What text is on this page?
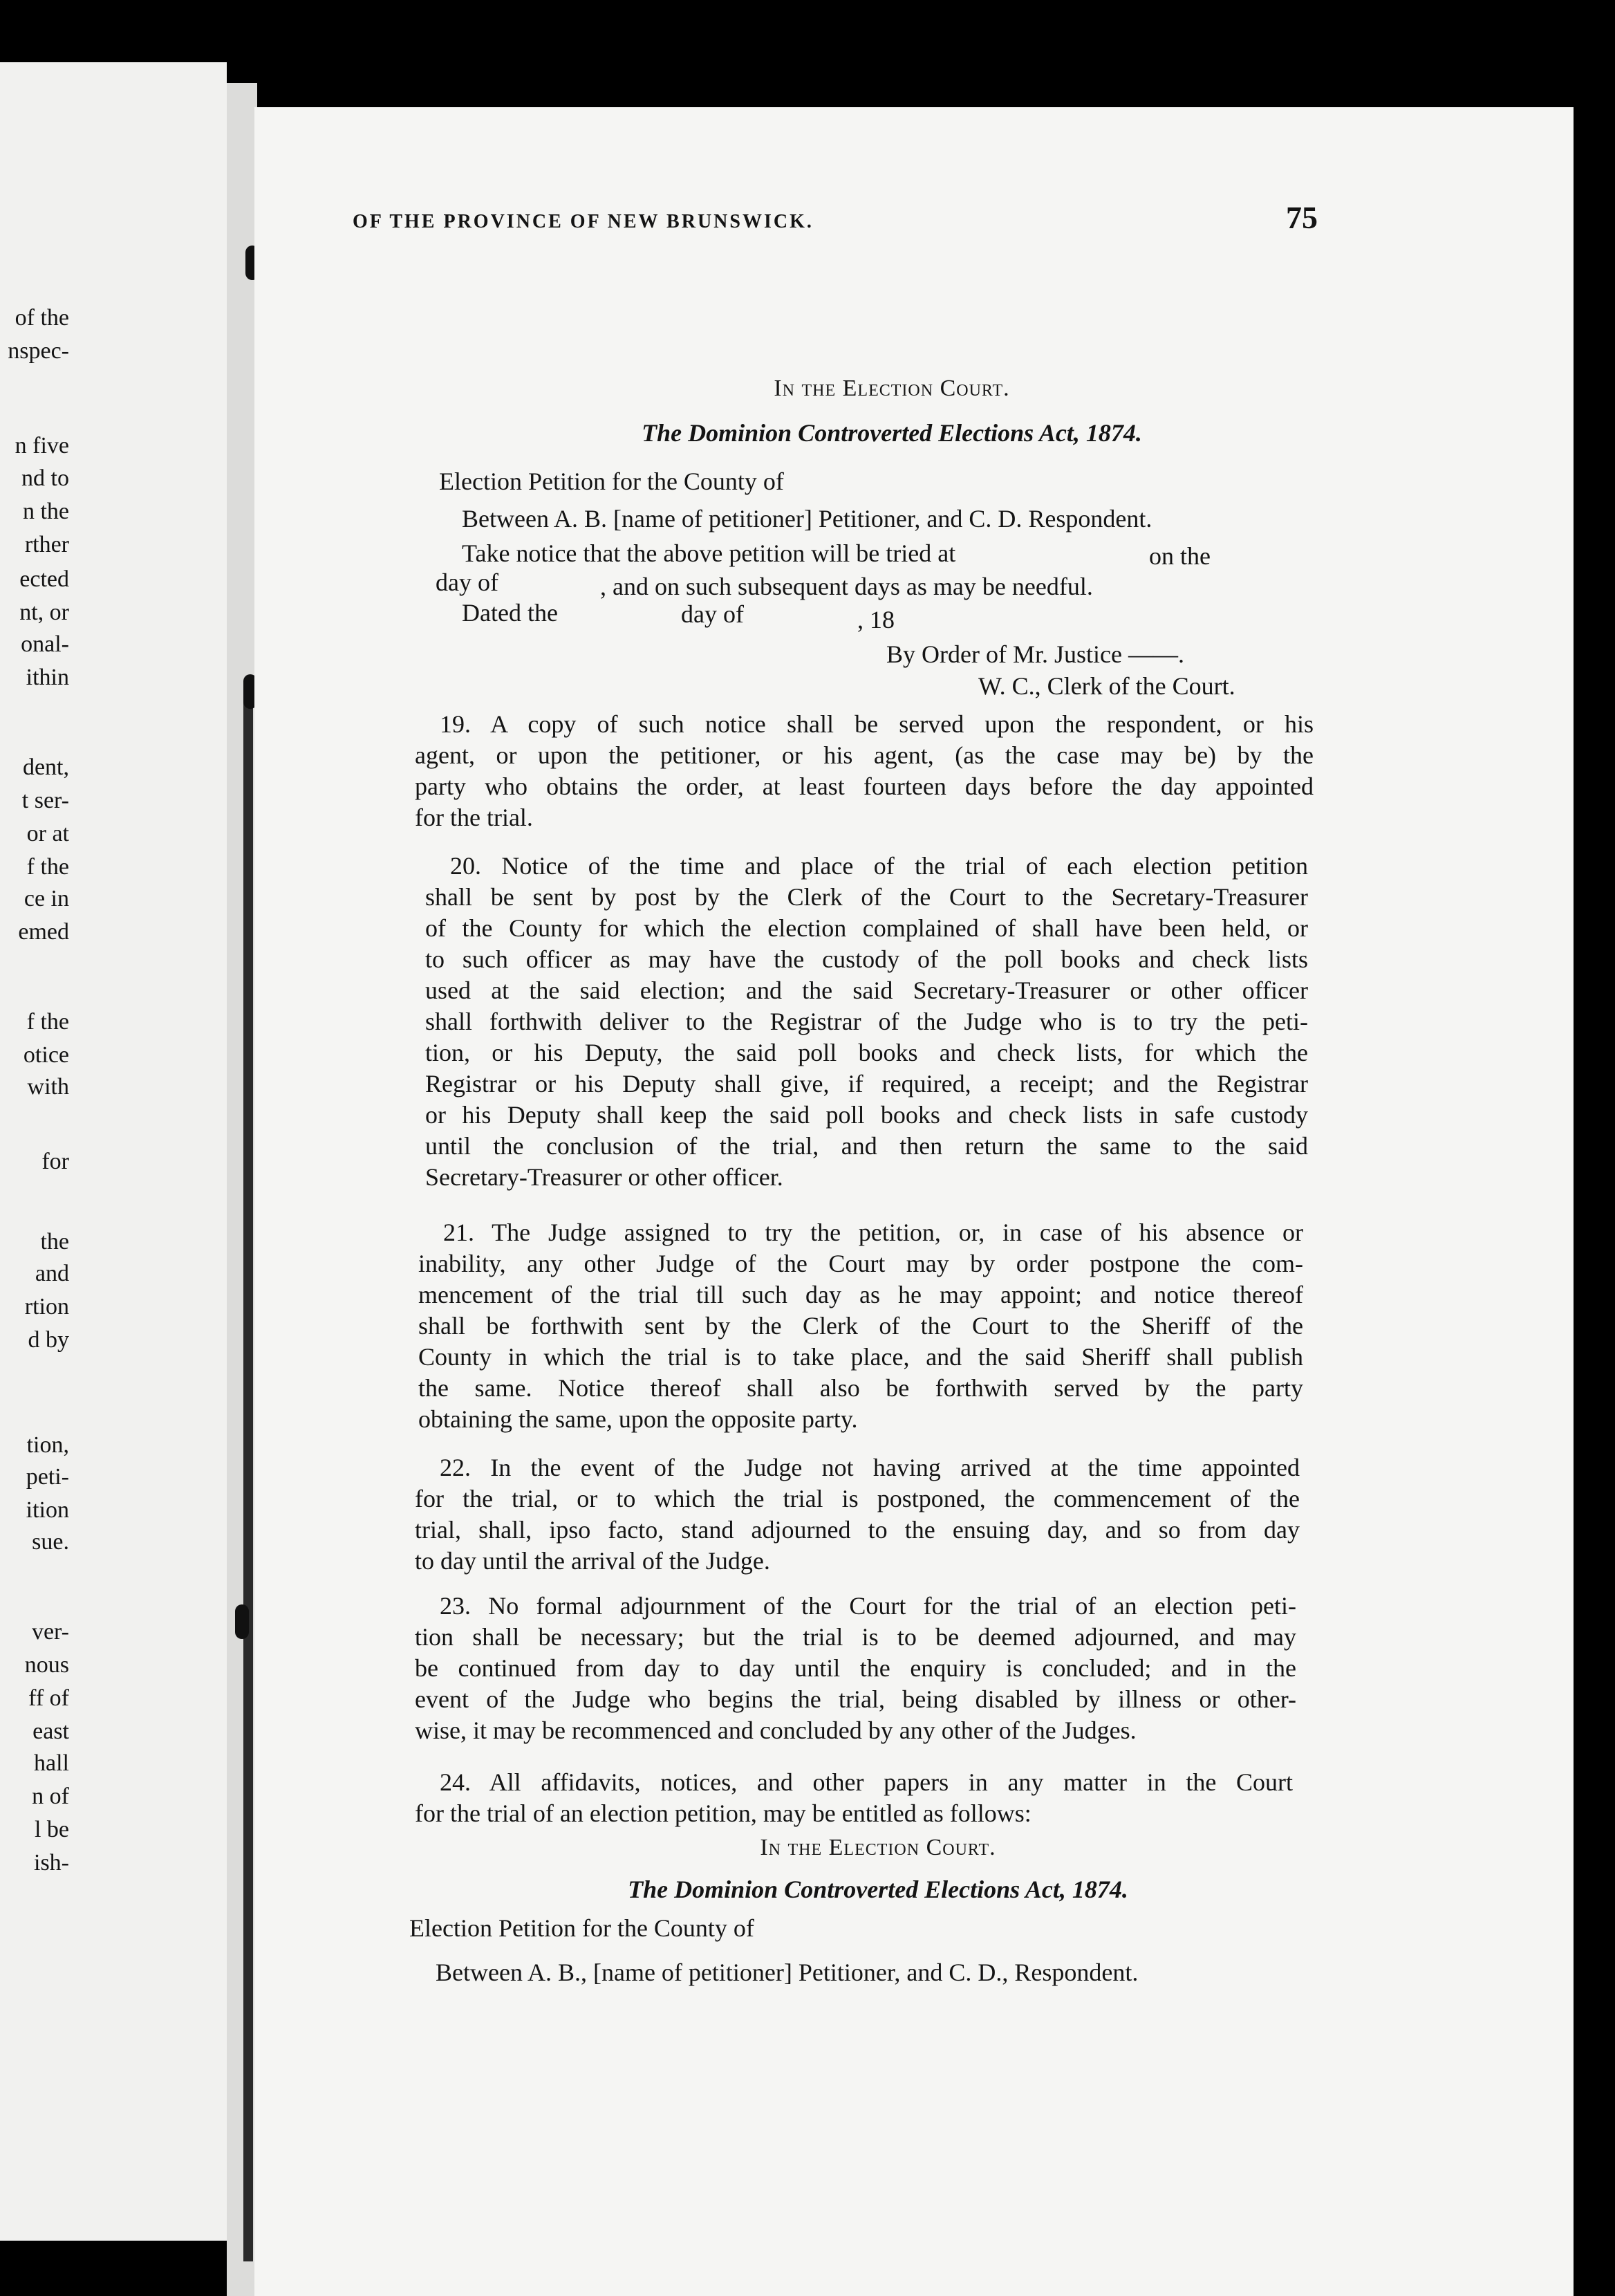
of the
nspec-
n five
nd to
n the
rther
ected
nt, or
onal-
ithin
dent,
t ser-
or at
f the
ce in
emed
f the
otice
with
for
the
and
rtion
d by
tion,
peti-
ition
sue.
ver-
nous
ff of
east
hall
n of
l be
ish-
OF THE PROVINCE OF NEW BRUNSWICK.	75
In the Election Court.
The Dominion Controverted Elections Act, 1874.
Election Petition for the County of
Between A. B. [name of petitioner] Petitioner, and C. D. Respondent.
Take notice that the above petition will be tried at	on the
day of	, and on such subsequent days as may be needful.
Dated the	day of	, 18
By Order of Mr. Justice ——.
W. C., Clerk of the Court.
19. A copy of such notice shall be served upon the respondent, or his
agent, or upon the petitioner, or his agent, (as the case may be) by the
party who obtains the order, at least fourteen days before the day appointed
for the trial.
20. Notice of the time and place of the trial of each election petition
shall be sent by post by the Clerk of the Court to the Secretary-Treasurer
of the County for which the election complained of shall have been held, or
to such officer as may have the custody of the poll books and check lists
used at the said election; and the said Secretary-Treasurer or other officer
shall forthwith deliver to the Registrar of the Judge who is to try the peti-
tion, or his Deputy, the said poll books and check lists, for which the
Registrar or his Deputy shall give, if required, a receipt; and the Registrar
or his Deputy shall keep the said poll books and check lists in safe custody
until the conclusion of the trial, and then return the same to the said
Secretary-Treasurer or other officer.
21. The Judge assigned to try the petition, or, in case of his absence or
inability, any other Judge of the Court may by order postpone the com-
mencement of the trial till such day as he may appoint; and notice thereof
shall be forthwith sent by the Clerk of the Court to the Sheriff of the
County in which the trial is to take place, and the said Sheriff shall publish
the same. Notice thereof shall also be forthwith served by the party
obtaining the same, upon the opposite party.
22. In the event of the Judge not having arrived at the time appointed
for the trial, or to which the trial is postponed, the commencement of the
trial, shall, ipso facto, stand adjourned to the ensuing day, and so from day
to day until the arrival of the Judge.
23. No formal adjournment of the Court for the trial of an election peti-
tion shall be necessary; but the trial is to be deemed adjourned, and may
be continued from day to day until the enquiry is concluded; and in the
event of the Judge who begins the trial, being disabled by illness or other-
wise, it may be recommenced and concluded by any other of the Judges.
24. All affidavits, notices, and other papers in any matter in the Court
for the trial of an election petition, may be entitled as follows:
In the Election Court.
The Dominion Controverted Elections Act, 1874.
Election Petition for the County of
Between A. B., [name of petitioner] Petitioner, and C. D., Respondent.
